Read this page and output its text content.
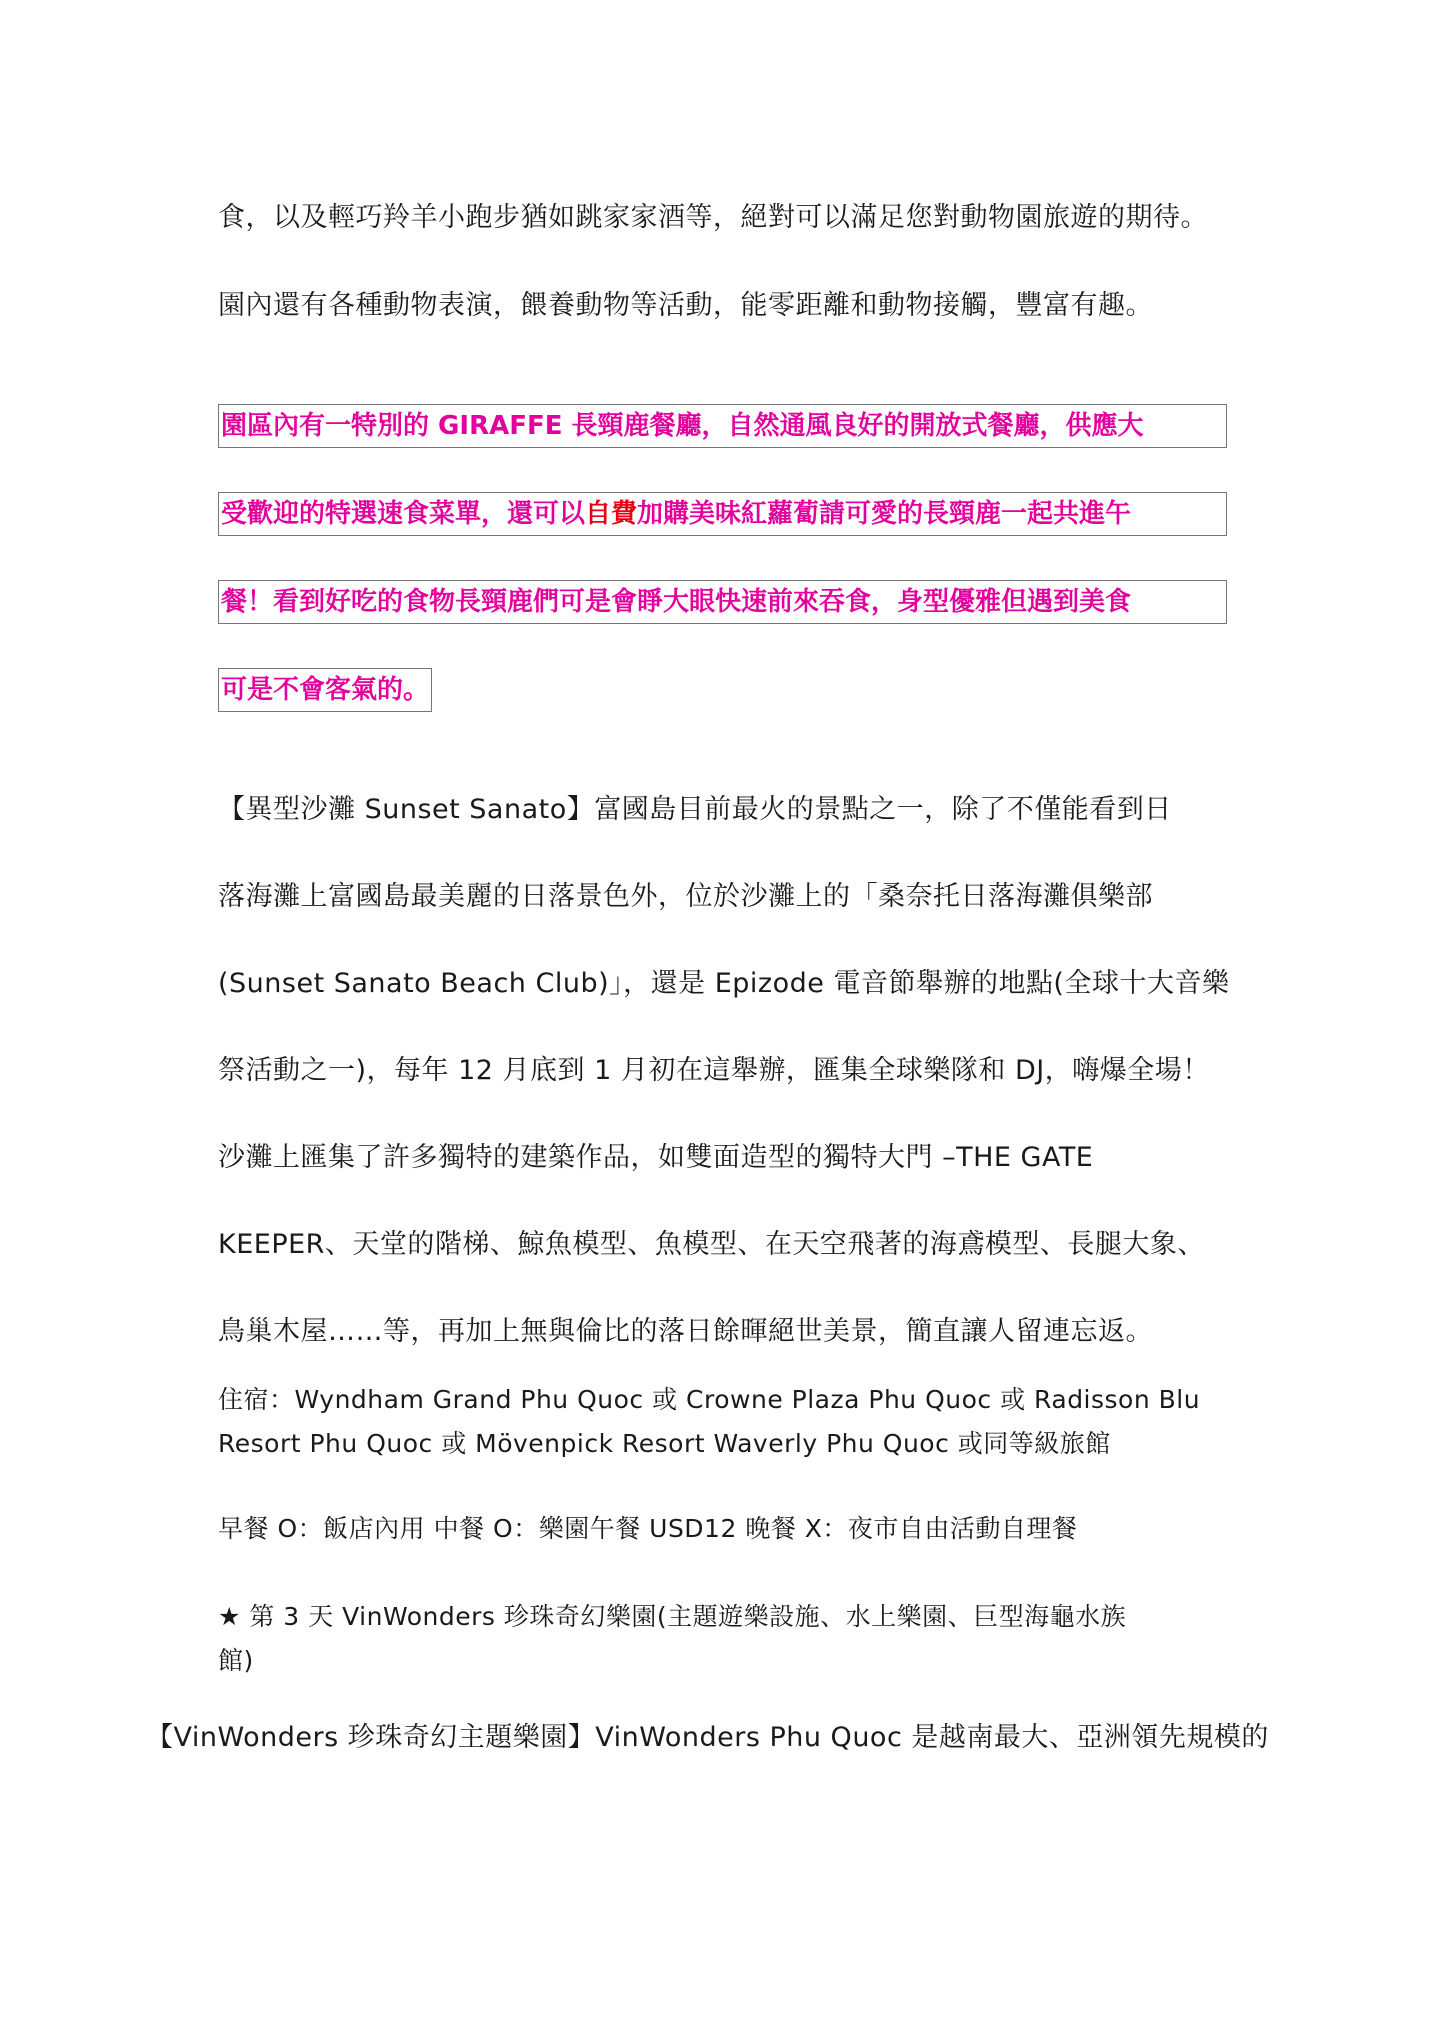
食，以及輕巧羚羊小跑步猶如跳家家酒等，絕對可以滿足您對動物園旅遊的期待。
園內還有各種動物表演，餵養動物等活動，能零距離和動物接觸，豐富有趣。
園區內有一特別的 GIRAFFE 長頸鹿餐廳，自然通風良好的開放式餐廳，供應大
受歡迎的特選速食菜單，還可以自費加購美味紅蘿蔔請可愛的長頸鹿一起共進午
餐！看到好吃的食物長頸鹿們可是會睜大眼快速前來吞食，身型優雅但遇到美食
可是不會客氣的。
【異型沙灘 Sunset Sanato】富國島目前最火的景點之一，除了不僅能看到日
落海灘上富國島最美麗的日落景色外，位於沙灘上的「桑奈托日落海灘俱樂部
(Sunset Sanato Beach Club)」，還是 Epizode 電音節舉辦的地點(全球十大音樂
祭活動之一)，每年 12 月底到 1 月初在這舉辦，匯集全球樂隊和 DJ，嗨爆全場！
沙灘上匯集了許多獨特的建築作品，如雙面造型的獨特大門 –THE GATE
KEEPER、天堂的階梯、鯨魚模型、魚模型、在天空飛著的海鳶模型、長腿大象、
鳥巢木屋……等，再加上無與倫比的落日餘暉絕世美景，簡直讓人留連忘返。
住宿：Wyndham Grand Phu Quoc 或 Crowne Plaza Phu Quoc 或 Radisson Blu
Resort Phu Quoc 或 Mövenpick Resort Waverly Phu Quoc 或同等級旅館
早餐 O：飯店內用 中餐 O：樂園午餐 USD12 晚餐 X：夜市自由活動自理餐
★ 第 3 天 VinWonders 珍珠奇幻樂園(主題遊樂設施、水上樂園、巨型海龜水族
館)
【VinWonders 珍珠奇幻主題樂園】VinWonders Phu Quoc 是越南最大、亞洲領先規模的
